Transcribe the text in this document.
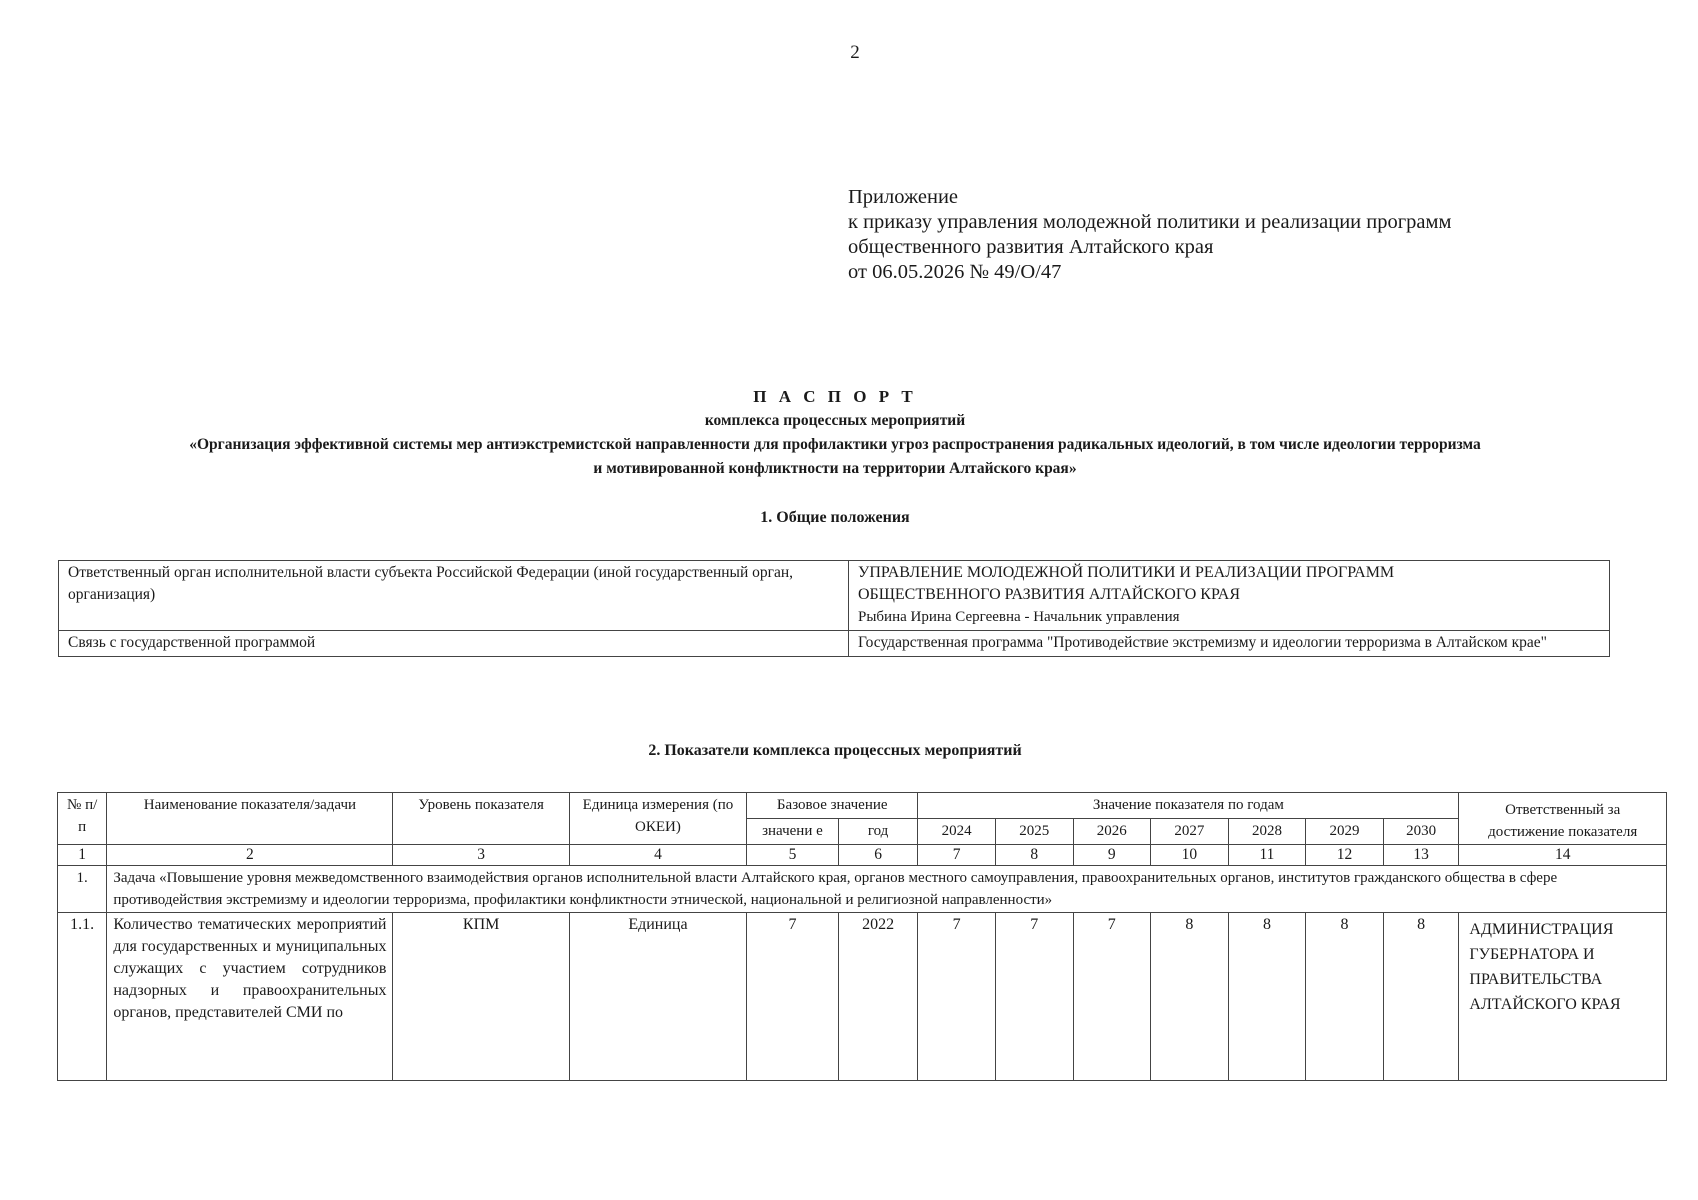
2
Приложение
к приказу управления молодежной политики и реализации программ
общественного развития Алтайского края
от 06.05.2026 № 49/О/47
П А С П О Р Т
комплекса процессных мероприятий
«Организация эффективной системы мер антиэкстремистской направленности для профилактики угроз распространения радикальных идеологий, в том числе идеологии терроризма
и мотивированной конфликтности на территории Алтайского края»
1. Общие положения
Ответственный орган исполнительной власти субъекта Российской Федерации (иной государственный орган, организация)	УПРАВЛЕНИЕ МОЛОДЕЖНОЙ ПОЛИТИКИ И РЕАЛИЗАЦИИ ПРОГРАММ
ОБЩЕСТВЕННОГО РАЗВИТИЯ АЛТАЙСКОГО КРАЯ
Рыбина Ирина Сергеевна - Начальник управления

Связь с государственной программой	Государственная программа "Противодействие экстремизму и идеологии терроризма в Алтайском крае"
2. Показатели комплекса процессных мероприятий
№ п/п	Наименование показателя/задачи	Уровень показателя	Единица измерения (по ОКЕИ)	Базовое значение		Значение показателя по годам							Ответственный за достижение показателя
				значени е	год	2024	2025	2026	2027	2028	2029	2030	
1	2	3	4	5	6	7	8	9	10	11	12	13	14
1.	Задача «Повышение уровня межведомственного взаимодействия органов исполнительной власти Алтайского края, органов местного самоуправления, правоохранительных органов, институтов гражданского общества в сфере противодействия экстремизму и идеологии терроризма, профилактики конфликтности этнической, национальной и религиозной направленности»												
1.1.	Количество тематических мероприятий для государственных и муниципальных служащих с участием сотрудников надзорных и правоохранительных органов, представителей СМИ по	КПМ	Единица	7	2022	7	7	7	8	8	8	8	АДМИНИСТРАЦИЯ ГУБЕРНАТОРА И ПРАВИТЕЛЬСТВА АЛТАЙСКОГО КРАЯ
